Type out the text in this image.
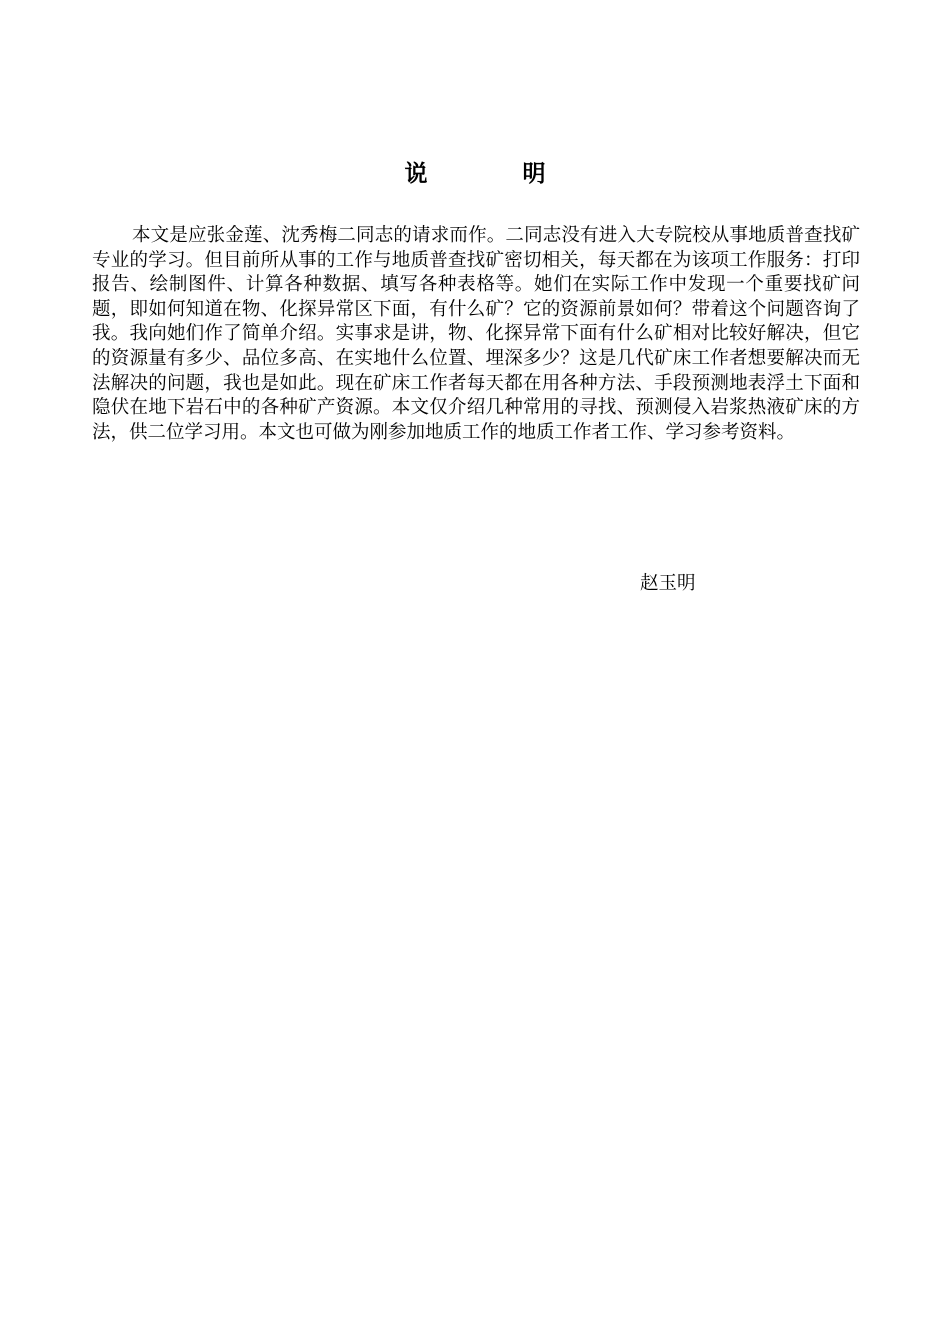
说　明

本文是应张金莲、沈秀梅二同志的请求而作。二同志没有进入大专院校从事地质普查找矿专业的学习。但目前所从事的工作与地质普查找矿密切相关，每天都在为该项工作服务：打印报告、绘制图件、计算各种数据、填写各种表格等。她们在实际工作中发现一个重要找矿问题，即如何知道在物、化探异常区下面，有什么矿？它的资源前景如何？带着这个问题咨询了我。我向她们作了简单介绍。实事求是讲，物、化探异常下面有什么矿相对比较好解决，但它的资源量有多少、品位多高、在实地什么位置、埋深多少？这是几代矿床工作者想要解决而无法解决的问题，我也是如此。现在矿床工作者每天都在用各种方法、手段预测地表浮土下面和隐伏在地下岩石中的各种矿产资源。本文仅介绍几种常用的寻找、预测侵入岩浆热液矿床的方法，供二位学习用。本文也可做为刚参加地质工作的地质工作者工作、学习参考资料。

赵玉明
